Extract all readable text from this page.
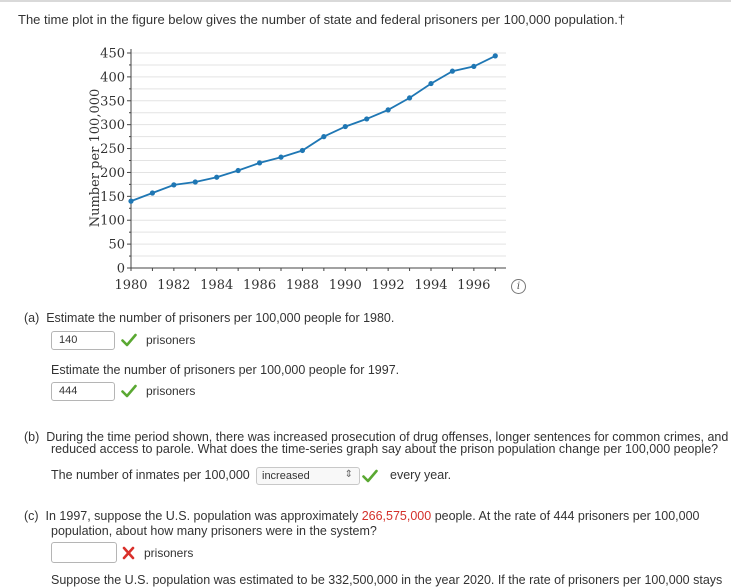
The time plot in the figure below gives the number of state and federal prisoners per 100,000 population.†
0
50
100
150
200
250
300
350
400
450
1980 1982 1984 1986 1988 1990 1992 1994 1996
Number per 100,000
i
(a)  Estimate the number of prisoners per 100,000 people for 1980.
140	prisoners
Estimate the number of prisoners per 100,000 people for 1997.
444	prisoners
(b)  During the time period shown, there was increased prosecution of drug offenses, longer sentences for common crimes, and
reduced access to parole. What does the time-series graph say about the prison population change per 100,000 people?
The number of inmates per 100,000	increased	⇕	every year.
(c)  In 1997, suppose the U.S. population was approximately 266,575,000 people. At the rate of 444 prisoners per 100,000
population, about how many prisoners were in the system?
prisoners
Suppose the U.S. population was estimated to be 332,500,000 in the year 2020. If the rate of prisoners per 100,000 stays
